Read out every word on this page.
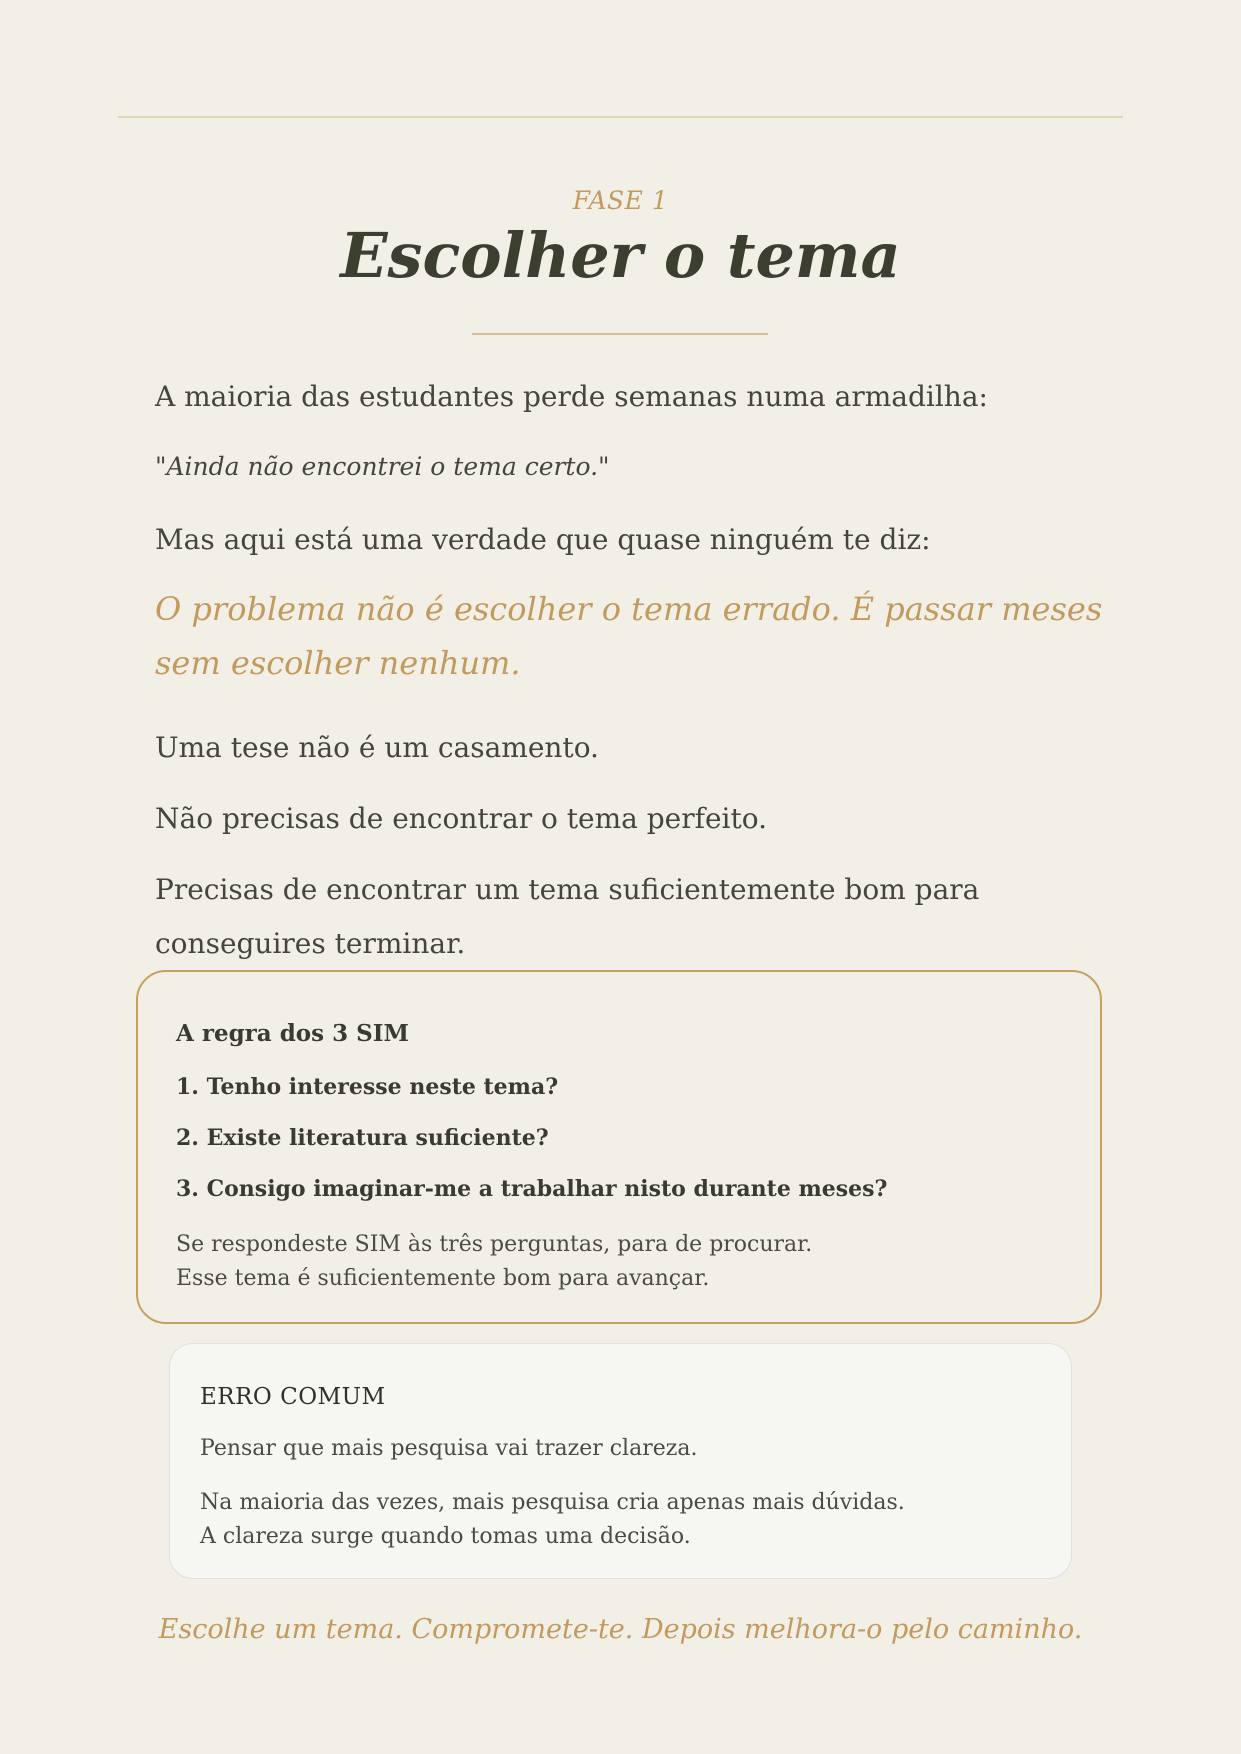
FASE 1
Escolher o tema

A maioria das estudantes perde semanas numa armadilha:

"Ainda não encontrei o tema certo."

Mas aqui está uma verdade que quase ninguém te diz:

O problema não é escolher o tema errado. É passar meses sem escolher nenhum.

Uma tese não é um casamento.

Não precisas de encontrar o tema perfeito.

Precisas de encontrar um tema suficientemente bom para conseguires terminar.

A regra dos 3 SIM
1. Tenho interesse neste tema?
2. Existe literatura suficiente?
3. Consigo imaginar-me a trabalhar nisto durante meses?
Se respondeste SIM às três perguntas, para de procurar.
Esse tema é suficientemente bom para avançar.
ERRO COMUM
Pensar que mais pesquisa vai trazer clareza.
Na maioria das vezes, mais pesquisa cria apenas mais dúvidas.
A clareza surge quando tomas uma decisão.
Escolhe um tema. Compromete-te. Depois melhora-o pelo caminho.
